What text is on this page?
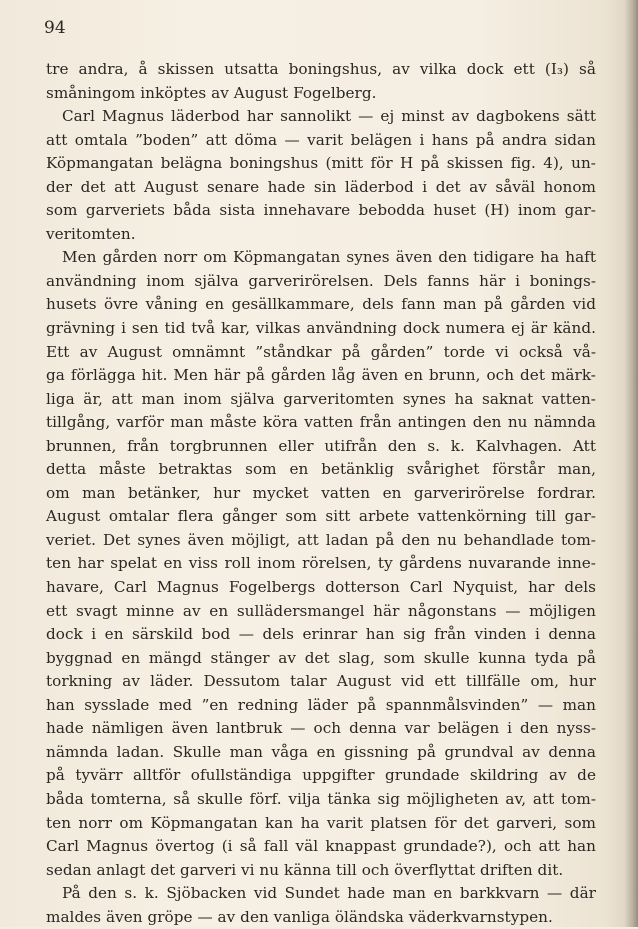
94
tre andra, å skissen utsatta boningshus, av vilka dock ett (I₃) så
småningom inköptes av August Fogelberg.
Carl Magnus läderbod har sannolikt — ej minst av dagbokens sätt
att omtala ”boden” att döma — varit belägen i hans på andra sidan
Köpmangatan belägna boningshus (mitt för H på skissen fig. 4), un-
der det att August senare hade sin läderbod i det av såväl honom
som garveriets båda sista innehavare bebodda huset (H) inom gar-
veritomten.
Men gården norr om Köpmangatan synes även den tidigare ha haft
användning inom själva garverirörelsen. Dels fanns här i bonings-
husets övre våning en gesällkammare, dels fann man på gården vid
grävning i sen tid två kar, vilkas användning dock numera ej är känd.
Ett av August omnämnt ”ståndkar på gården” torde vi också vå-
ga förlägga hit. Men här på gården låg även en brunn, och det märk-
liga är, att man inom själva garveritomten synes ha saknat vatten-
tillgång, varför man måste köra vatten från antingen den nu nämnda
brunnen, från torgbrunnen eller utifrån den s. k. Kalvhagen. Att
detta måste betraktas som en betänklig svårighet förstår man,
om man betänker, hur mycket vatten en garverirörelse fordrar.
August omtalar flera gånger som sitt arbete vattenkörning till gar-
veriet. Det synes även möjligt, att ladan på den nu behandlade tom-
ten har spelat en viss roll inom rörelsen, ty gårdens nuvarande inne-
havare, Carl Magnus Fogelbergs dotterson Carl Nyquist, har dels
ett svagt minne av en sullädersmangel här någonstans — möjligen
dock i en särskild bod — dels erinrar han sig från vinden i denna
byggnad en mängd stänger av det slag, som skulle kunna tyda på
torkning av läder. Dessutom talar August vid ett tillfälle om, hur
han sysslade med ”en redning läder på spannmålsvinden” — man
hade nämligen även lantbruk — och denna var belägen i den nyss-
nämnda ladan. Skulle man våga en gissning på grundval av denna
på tyvärr alltför ofullständiga uppgifter grundade skildring av de
båda tomterna, så skulle förf. vilja tänka sig möjligheten av, att tom-
ten norr om Köpmangatan kan ha varit platsen för det garveri, som
Carl Magnus övertog (i så fall väl knappast grundade?), och att han
sedan anlagt det garveri vi nu känna till och överflyttat driften dit.
På den s. k. Sjöbacken vid Sundet hade man en barkkvarn — där
maldes även gröpe — av den vanliga öländska väderkvarnstypen.
